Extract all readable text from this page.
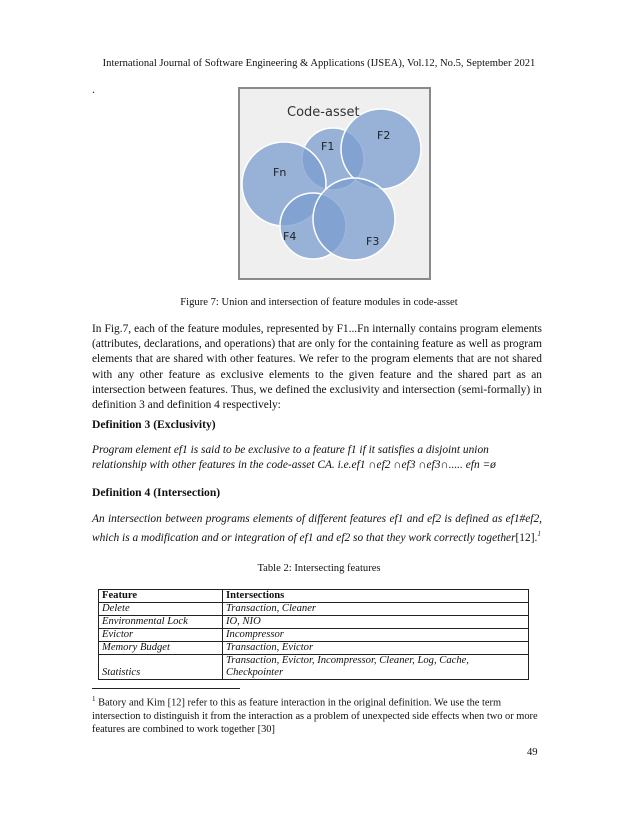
International Journal of Software Engineering & Applications (IJSEA), Vol.12, No.5, September 2021
.
Code-asset
Fn
F1
F2
F3
F4
Figure 7: Union and intersection of feature modules in code-asset
In Fig.7, each of the feature modules, represented by F1...Fn internally contains program elements (attributes, declarations, and operations) that are only for the containing feature as well as program elements that are shared with other features. We refer to the program elements that are not shared with any other feature as exclusive elements to the given feature and the shared part as an intersection between features. Thus, we defined the exclusivity and intersection (semi-formally) in definition 3 and definition 4 respectively:
Definition 3 (Exclusivity)
Program element ef1 is said to be exclusive to a feature f1 if it satisfies a disjoint union relationship with other features in the code-asset CA. i.e.ef1 ∩ef2 ∩ef3 ∩ef3∩..... efn =ø
Definition 4 (Intersection)
An intersection between programs elements of different features ef1 and ef2 is defined as ef1#ef2, which is a modification and or integration of ef1 and ef2 so that they work correctly together[12].$^1$
Table 2: Intersecting features
Feature	Intersections
Delete	Transaction, Cleaner
Environmental Lock	IO, NIO
Evictor	Incompressor
Memory Budget	Transaction, Evictor
Statistics	Transaction, Evictor, Incompressor, Cleaner, Log, Cache, Checkpointer
$^1$ Batory and Kim [12] refer to this as feature interaction in the original definition. We use the term intersection to distinguish it from the interaction as a problem of unexpected side effects when two or more features are combined to work together [30]
49
